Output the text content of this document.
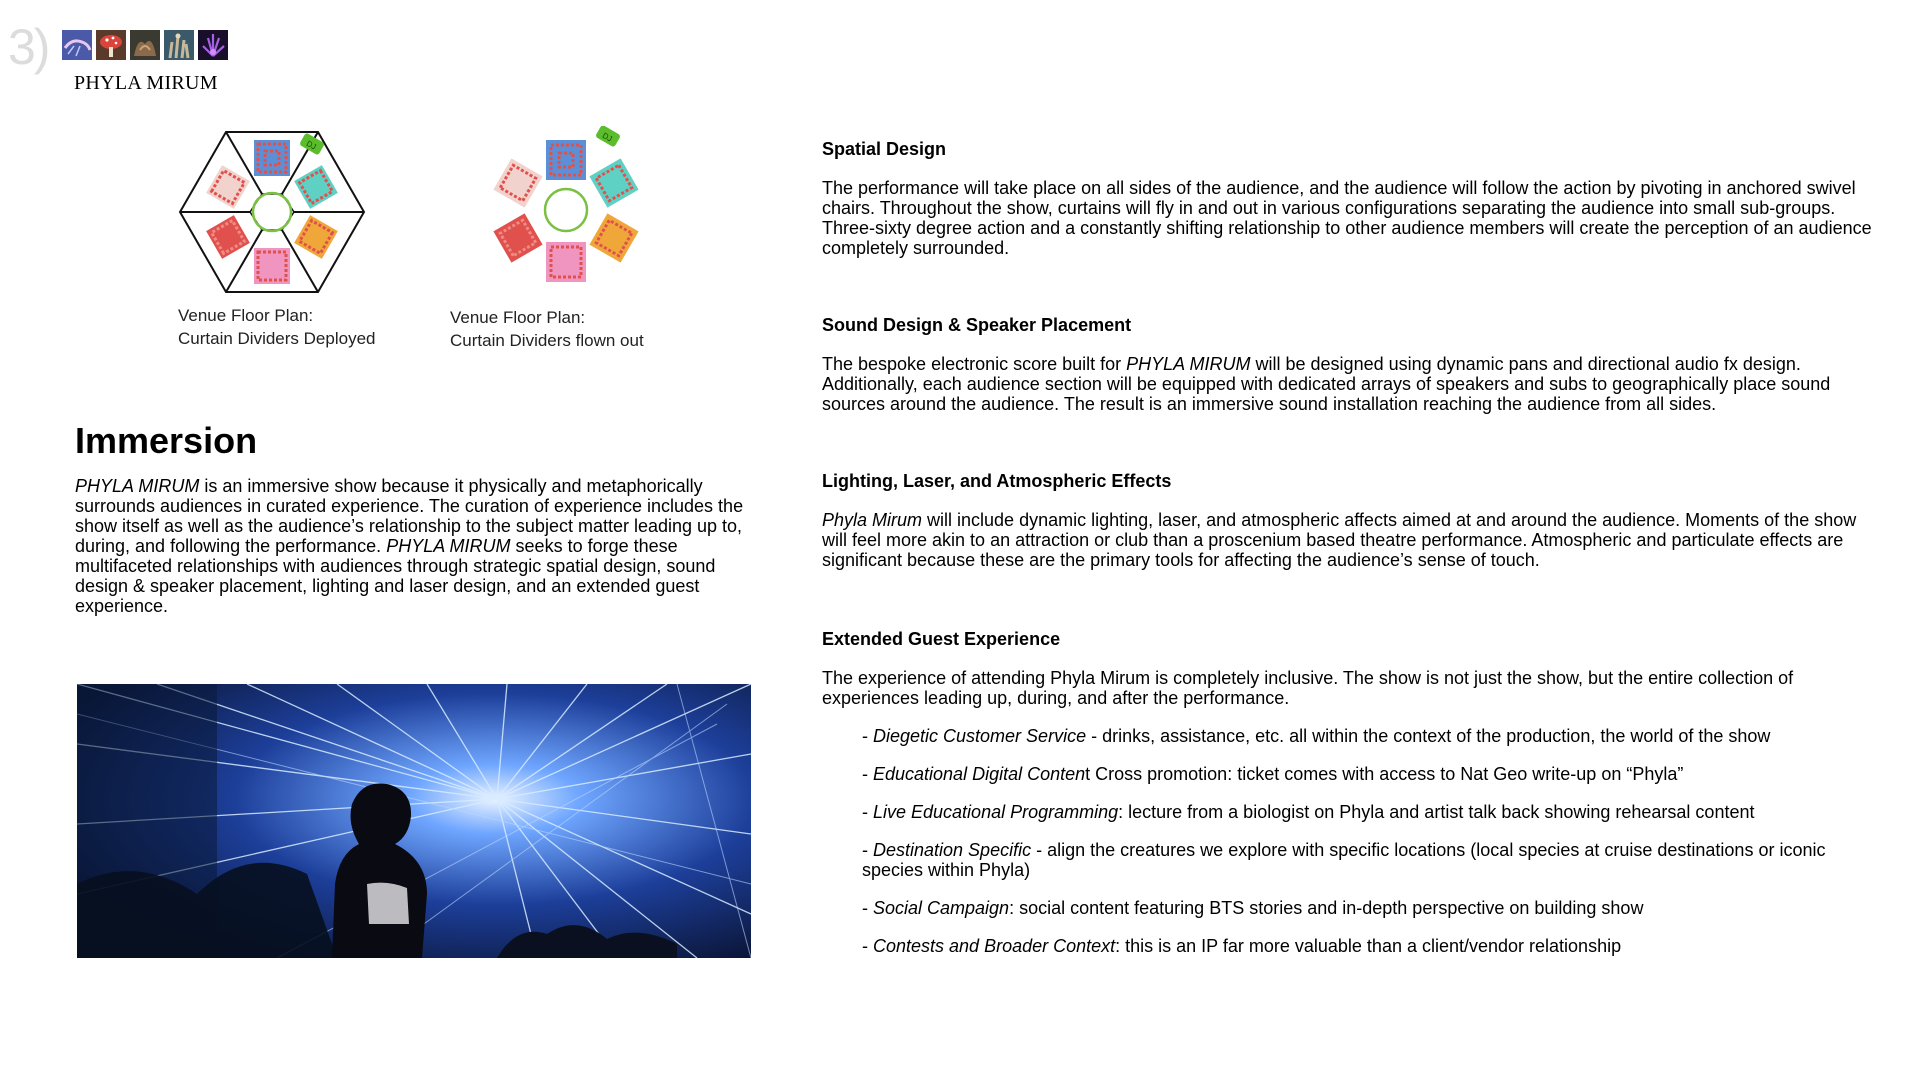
3)
PHYLA MIRUM
DJ
Venue Floor Plan:
Curtain Dividers Deployed
DJ
Venue Floor Plan:
Curtain Dividers flown out
Immersion

PHYLA MIRUM is an immersive show because it physically and metaphorically surrounds audiences in curated experience. The curation of experience includes the show itself as well as the audience’s relationship to the subject matter leading up to, during, and following the performance. PHYLA MIRUM seeks to forge these multifaceted relationships with audiences through strategic spatial design, sound design & speaker placement, lighting and laser design, and an extended guest experience.

Spatial Design

The performance will take place on all sides of the audience, and the audience will follow the action by pivoting in anchored swivel chairs. Throughout the show, curtains will fly in and out in various configurations separating the audience into small sub-groups. Three-sixty degree action and a constantly shifting relationship to other audience members will create the perception of an audience completely surrounded.

Sound Design & Speaker Placement

The bespoke electronic score built for PHYLA MIRUM will be designed using dynamic pans and directional audio fx design. Additionally, each audience section will be equipped with dedicated arrays of speakers and subs to geographically place sound sources around the audience. The result is an immersive sound installation reaching the audience from all sides.

Lighting, Laser, and Atmospheric Effects

Phyla Mirum will include dynamic lighting, laser, and atmospheric affects aimed at and around the audience. Moments of the show will feel more akin to an attraction or club than a proscenium based theatre performance. Atmospheric and particulate effects are significant because these are the primary tools for affecting the audience’s sense of touch.

Extended Guest Experience

The experience of attending Phyla Mirum is completely inclusive. The show is not just the show, but the entire collection of experiences leading up, during, and after the performance.

- Diegetic Customer Service - drinks, assistance, etc. all within the context of the production, the world of the show
- Educational Digital Content Cross promotion: ticket comes with access to Nat Geo write-up on “Phyla”
- Live Educational Programming: lecture from a biologist on Phyla and artist talk back showing rehearsal content
- Destination Specific - align the creatures we explore with specific locations (local species at cruise destinations or iconic species within Phyla)
- Social Campaign: social content featuring BTS stories and in-depth perspective on building show
- Contests and Broader Context: this is an IP far more valuable than a client/vendor relationship
